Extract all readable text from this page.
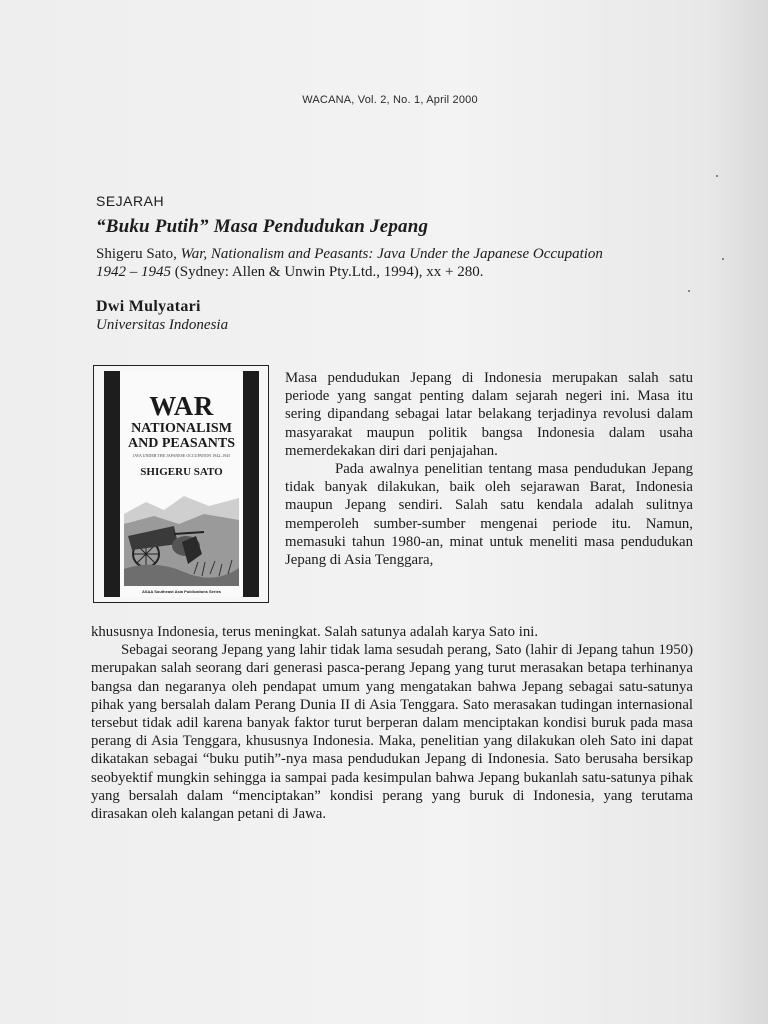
WACANA, Vol. 2, No. 1, April 2000
SEJARAH
“Buku Putih” Masa Pendudukan Jepang
Shigeru Sato, War, Nationalism and Peasants: Java Under the Japanese Occupation
1942 – 1945 (Sydney: Allen & Unwin Pty.Ltd., 1994), xx + 280.
Dwi Mulyatari
Universitas Indonesia
WAR
NATIONALISM
AND PEASANTS
JAVA UNDER THE JAPANESE OCCUPATION 1942–1945
SHIGERU SATO
ASAA Southeast Asia Publications Series

Masa pendudukan Jepang di Indonesia merupakan salah satu periode yang sangat penting dalam sejarah negeri ini. Masa itu sering dipandang sebagai latar belakang terjadinya revolusi dalam masyarakat maupun politik bangsa Indonesia dalam usaha memerdekakan diri dari penjajahan.

Pada awalnya penelitian tentang masa pendudukan Jepang tidak banyak dilakukan, baik oleh sejarawan Barat, Indonesia maupun Jepang sendiri. Salah satu kendala adalah sulitnya memperoleh sumber-sumber mengenai periode itu. Namun, memasuki tahun 1980-an, minat untuk meneliti masa pendudukan Jepang di Asia Tenggara,

khususnya Indonesia, terus meningkat. Salah satunya adalah karya Sato ini.

Sebagai seorang Jepang yang lahir tidak lama sesudah perang, Sato (lahir di Jepang tahun 1950) merupakan salah seorang dari generasi pasca-perang Jepang yang turut merasakan betapa terhinanya bangsa dan negaranya oleh pendapat umum yang mengatakan bahwa Jepang sebagai satu-satunya pihak yang bersalah dalam Perang Dunia II di Asia Tenggara. Sato merasakan tudingan internasional tersebut tidak adil karena banyak faktor turut berperan dalam menciptakan kondisi buruk pada masa perang di Asia Tenggara, khususnya Indonesia. Maka, penelitian yang dilakukan oleh Sato ini dapat dikatakan sebagai “buku putih”-nya masa pendudukan Jepang di Indonesia. Sato berusaha bersikap seobyektif mungkin sehingga ia sampai pada kesimpulan bahwa Jepang bukanlah satu-satunya pihak yang bersalah dalam “menciptakan” kondisi perang yang buruk di Indonesia, yang terutama dirasakan oleh kalangan petani di Jawa.
